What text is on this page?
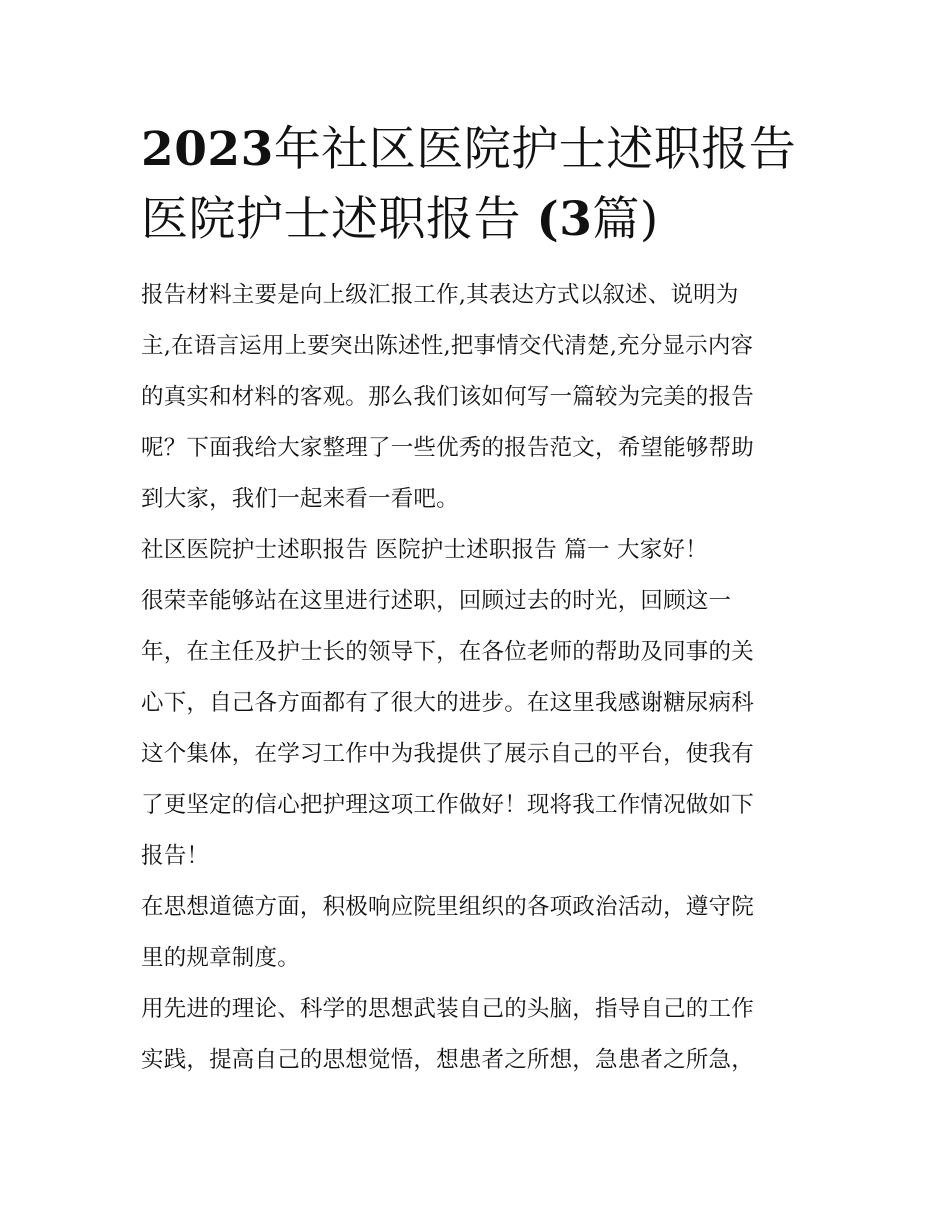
2023年社区医院护士述职报告
医院护士述职报告 (3篇)

报告材料主要是向上级汇报工作,其表达方式以叙述、说明为
主,在语言运用上要突出陈述性,把事情交代清楚,充分显示内容
的真实和材料的客观。那么我们该如何写一篇较为完美的报告
呢？下面我给大家整理了一些优秀的报告范文，希望能够帮助
到大家，我们一起来看一看吧。

社区医院护士述职报告 医院护士述职报告 篇一 大家好！

很荣幸能够站在这里进行述职，回顾过去的时光，回顾这一
年，在主任及护士长的领导下，在各位老师的帮助及同事的关
心下，自己各方面都有了很大的进步。在这里我感谢糖尿病科
这个集体，在学习工作中为我提供了展示自己的平台，使我有
了更坚定的信心把护理这项工作做好！现将我工作情况做如下
报告！

在思想道德方面，积极响应院里组织的各项政治活动，遵守院
里的规章制度。

用先进的理论、科学的思想武装自己的头脑，指导自己的工作
实践，提高自己的思想觉悟，想患者之所想，急患者之所急，
